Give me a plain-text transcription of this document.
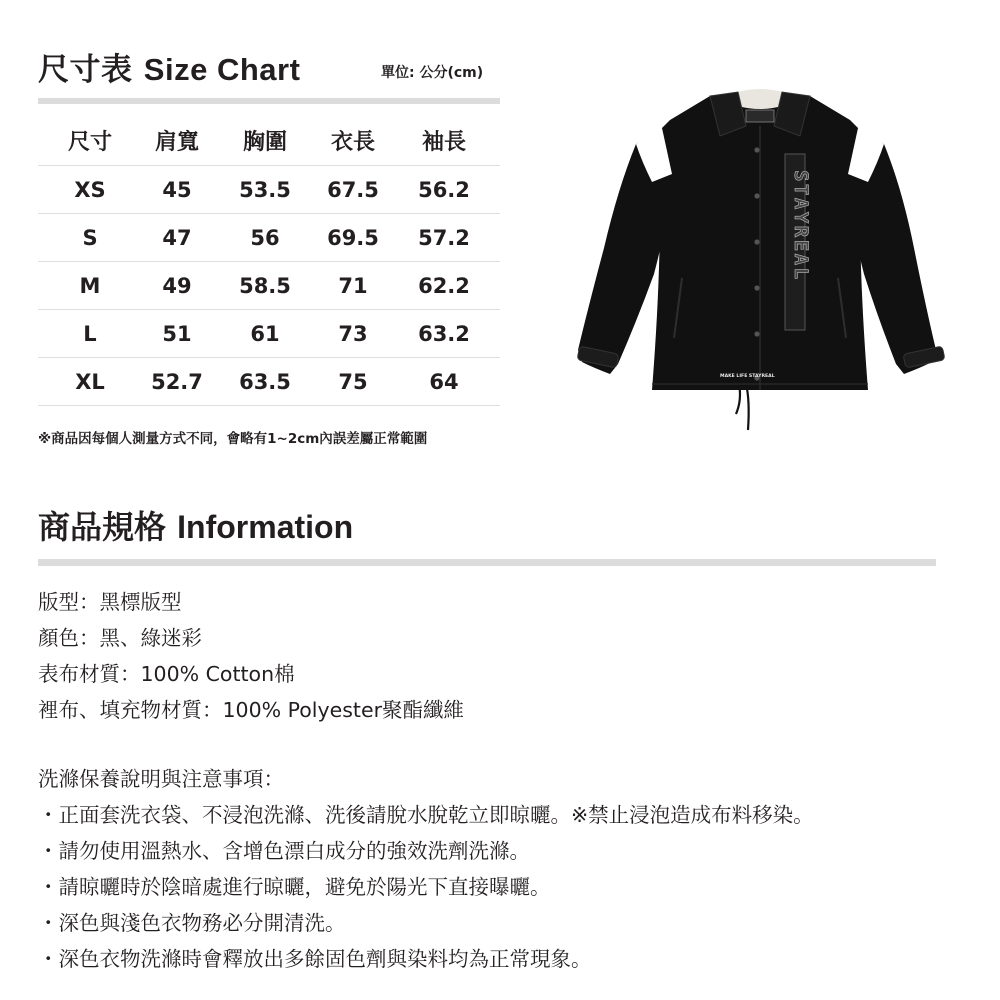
尺寸表 Size Chart	單位: 公分(cm)
尺寸	肩寬	胸圍	衣長	袖長
XS	45	53.5	67.5	56.2
S	47	56	69.5	57.2
M	49	58.5	71	62.2
L	51	61	73	63.2
XL	52.7	63.5	75	64
※商品因每個人測量方式不同，會略有1~2cm內誤差屬正常範圍
STAYREAL
MAKE LIFE STAYREAL
商品規格 Information
版型：黑標版型
顏色：黑、綠迷彩
表布材質：100% Cotton棉
裡布、填充物材質：100% Polyester聚酯纖維
洗滌保養說明與注意事項：
・正面套洗衣袋、不浸泡洗滌、洗後請脫水脫乾立即晾曬。※禁止浸泡造成布料移染。
・請勿使用溫熱水、含增色漂白成分的強效洗劑洗滌。
・請晾曬時於陰暗處進行晾曬，避免於陽光下直接曝曬。
・深色與淺色衣物務必分開清洗。
・深色衣物洗滌時會釋放出多餘固色劑與染料均為正常現象。
